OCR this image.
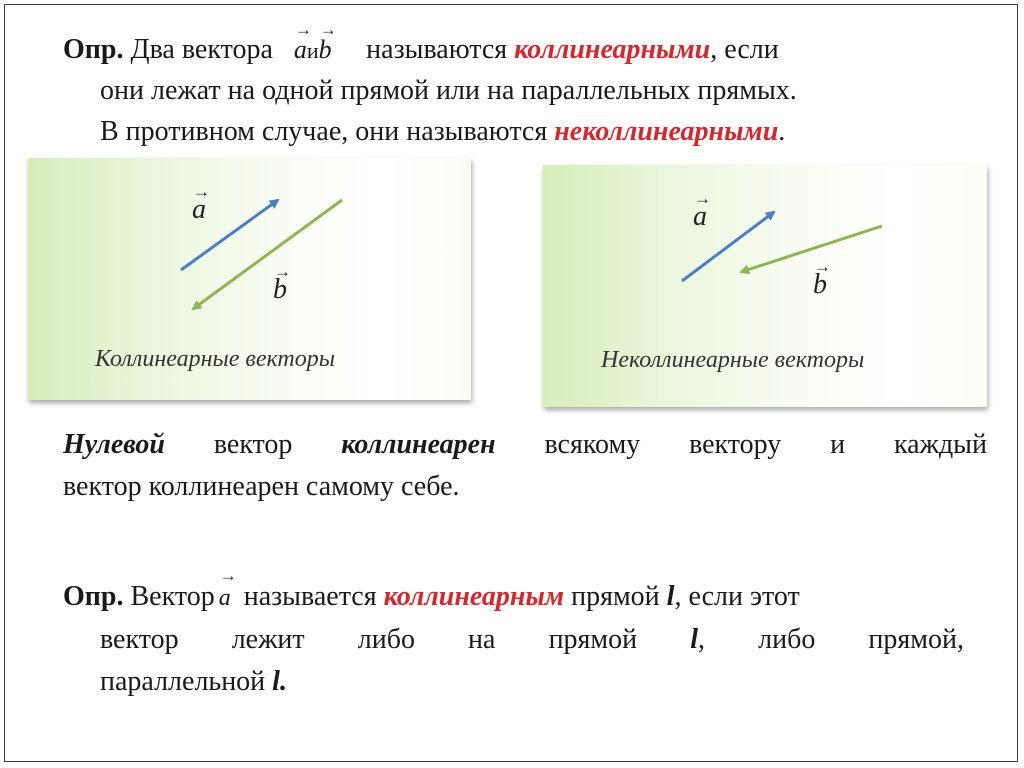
Опр. Два вектора
→
aи
→
b называются коллинеарными, если
они лежат на одной прямой или на параллельных прямых.
В противном случае, они называются неколлинеарными.
→
a
→
b
Коллинеарные векторы
→
a
→
b
Неколлинеарные векторы
Нулевой вектор коллинеарен всякому вектору и каждый
вектор коллинеарен самому себе.
Опр. Вектор
→
a называется коллинеарным прямой l, если этот
вектор лежит либо на прямой l, либо прямой,
параллельной l.
